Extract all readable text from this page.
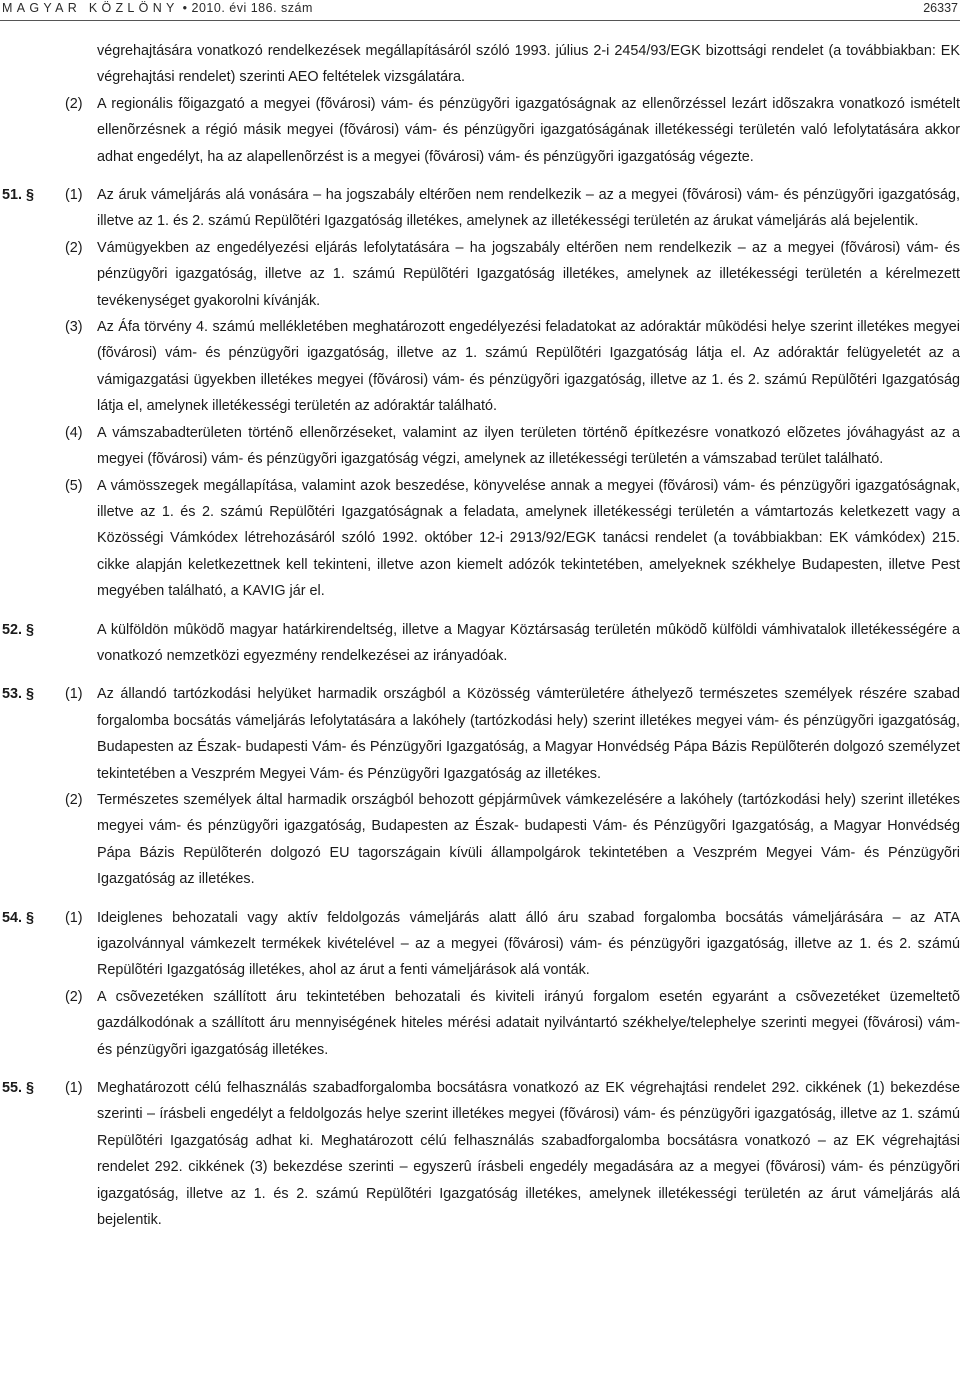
MAGYAR KÖZLÖNY • 2010. évi 186. szám	26337
végrehajtására vonatkozó rendelkezések megállapításáról szóló 1993. július 2-i 2454/93/EGK bizottsági rendelet (a továbbiakban: EK végrehajtási rendelet) szerinti AEO feltételek vizsgálatára.
(2) A regionális fõigazgató a megyei (fõvárosi) vám- és pénzügyõri igazgatóságnak az ellenõrzéssel lezárt idõszakra vonatkozó ismételt ellenõrzésnek a régió másik megyei (fõvárosi) vám- és pénzügyõri igazgatóságának illetékességi területén való lefolytatására akkor adhat engedélyt, ha az alapellenõrzést is a megyei (fõvárosi) vám- és pénzügyõri igazgatóság végezte.
51. § (1) Az áruk vámeljárás alá vonására – ha jogszabály eltérõen nem rendelkezik – az a megyei (fõvárosi) vám- és pénzügyõri igazgatóság, illetve az 1. és 2. számú Repülõtéri Igazgatóság illetékes, amelynek az illetékességi területén az árukat vámeljárás alá bejelentik.
(2) Vámügyekben az engedélyezési eljárás lefolytatására – ha jogszabály eltérõen nem rendelkezik – az a megyei (fõvárosi) vám- és pénzügyõri igazgatóság, illetve az 1. számú Repülõtéri Igazgatóság illetékes, amelynek az illetékességi területén a kérelmezett tevékenységet gyakorolni kívánják.
(3) Az Áfa törvény 4. számú mellékletében meghatározott engedélyezési feladatokat az adóraktár mûködési helye szerint illetékes megyei (fõvárosi) vám- és pénzügyõri igazgatóság, illetve az 1. számú Repülõtéri Igazgatóság látja el. Az adóraktár felügyeletét az a vámigazgatási ügyekben illetékes megyei (fõvárosi) vám- és pénzügyõri igazgatóság, illetve az 1. és 2. számú Repülõtéri Igazgatóság látja el, amelynek illetékességi területén az adóraktár található.
(4) A vámszabadterületen történõ ellenõrzéseket, valamint az ilyen területen történõ építkezésre vonatkozó elõzetes jóváhagyást az a megyei (fõvárosi) vám- és pénzügyõri igazgatóság végzi, amelynek az illetékességi területén a vámszabad terület található.
(5) A vámösszegek megállapítása, valamint azok beszedése, könyvelése annak a megyei (fõvárosi) vám- és pénzügyõri igazgatóságnak, illetve az 1. és 2. számú Repülõtéri Igazgatóságnak a feladata, amelynek illetékességi területén a vámtartozás keletkezett vagy a Közösségi Vámkódex létrehozásáról szóló 1992. október 12-i 2913/92/EGK tanácsi rendelet (a továbbiakban: EK vámkódex) 215. cikke alapján keletkezettnek kell tekinteni, illetve azon kiemelt adózók tekintetében, amelyeknek székhelye Budapesten, illetve Pest megyében található, a KAVIG jár el.
52. §	A külföldön mûködõ magyar határkirendeltség, illetve a Magyar Köztársaság területén mûködõ külföldi vámhivatalok illetékességére a vonatkozó nemzetközi egyezmény rendelkezései az irányadóak.
53. § (1) Az állandó tartózkodási helyüket harmadik országból a Közösség vámterületére áthelyezõ természetes személyek részére szabad forgalomba bocsátás vámeljárás lefolytatására a lakóhely (tartózkodási hely) szerint illetékes megyei vám- és pénzügyõri igazgatóság, Budapesten az Észak- budapesti Vám- és Pénzügyõri Igazgatóság, a Magyar Honvédség Pápa Bázis Repülõterén dolgozó személyzet tekintetében a Veszprém Megyei Vám- és Pénzügyõri Igazgatóság az illetékes.
(2) Természetes személyek által harmadik országból behozott gépjármûvek vámkezelésére a lakóhely (tartózkodási hely) szerint illetékes megyei vám- és pénzügyõri igazgatóság, Budapesten az Észak- budapesti Vám- és Pénzügyõri Igazgatóság, a Magyar Honvédség Pápa Bázis Repülõterén dolgozó EU tagországain kívüli állampolgárok tekintetében a Veszprém Megyei Vám- és Pénzügyõri Igazgatóság az illetékes.
54. § (1) Ideiglenes behozatali vagy aktív feldolgozás vámeljárás alatt álló áru szabad forgalomba bocsátás vámeljárására – az ATA igazolvánnyal vámkezelt termékek kivételével – az a megyei (fõvárosi) vám- és pénzügyõri igazgatóság, illetve az 1. és 2. számú Repülõtéri Igazgatóság illetékes, ahol az árut a fenti vámeljárások alá vonták.
(2) A csõvezetéken szállított áru tekintetében behozatali és kiviteli irányú forgalom esetén egyaránt a csõvezetéket üzemeltetõ gazdálkodónak a szállított áru mennyiségének hiteles mérési adatait nyilvántartó székhelye/telephelye szerinti megyei (fõvárosi) vám- és pénzügyõri igazgatóság illetékes.
55. § (1) Meghatározott célú felhasználás szabadforgalomba bocsátásra vonatkozó az EK végrehajtási rendelet 292. cikkének (1) bekezdése szerinti – írásbeli engedélyt a feldolgozás helye szerint illetékes megyei (fõvárosi) vám- és pénzügyõri igazgatóság, illetve az 1. számú Repülõtéri Igazgatóság adhat ki. Meghatározott célú felhasználás szabadforgalomba bocsátásra vonatkozó – az EK végrehajtási rendelet 292. cikkének (3) bekezdése szerinti – egyszerû írásbeli engedély megadására az a megyei (fõvárosi) vám- és pénzügyõri igazgatóság, illetve az 1. és 2. számú Repülõtéri Igazgatóság illetékes, amelynek illetékességi területén az árut vámeljárás alá bejelentik.
